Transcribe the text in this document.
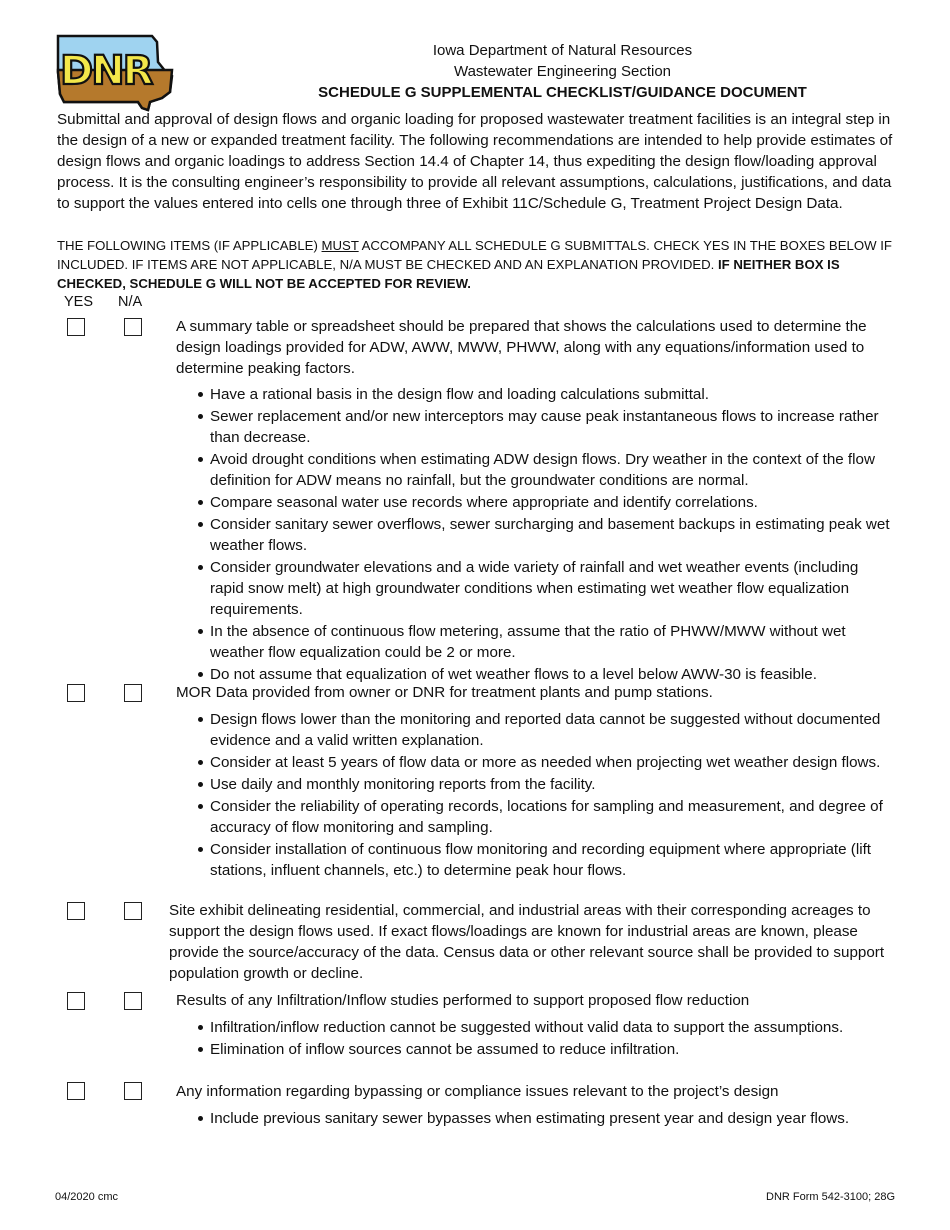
DNR	Iowa Department of Natural Resources
Wastewater Engineering Section
SCHEDULE G SUPPLEMENTAL CHECKLIST/GUIDANCE DOCUMENT
Submittal and approval of design flows and organic loading for proposed wastewater treatment facilities is an integral step in the design of a new or expanded treatment facility. The following recommendations are intended to help provide estimates of design flows and organic loadings to address Section 14.4 of Chapter 14, thus expediting the design flow/loading approval process. It is the consulting engineer’s responsibility to provide all relevant assumptions, calculations, justifications, and data to support the values entered into cells one through three of Exhibit 11C/Schedule G, Treatment Project Design Data.
THE FOLLOWING ITEMS (IF APPLICABLE) MUST ACCOMPANY ALL SCHEDULE G SUBMITTALS. CHECK YES IN THE BOXES BELOW IF INCLUDED. IF ITEMS ARE NOT APPLICABLE, N/A MUST BE CHECKED AND AN EXPLANATION PROVIDED. IF NEITHER BOX IS CHECKED, SCHEDULE G WILL NOT BE ACCEPTED FOR REVIEW.
YES N/A
A summary table or spreadsheet should be prepared that shows the calculations used to determine the design loadings provided for ADW, AWW, MWW, PHWW, along with any equations/information used to determine peaking factors.
Have a rational basis in the design flow and loading calculations submittal.
Sewer replacement and/or new interceptors may cause peak instantaneous flows to increase rather than decrease.
Avoid drought conditions when estimating ADW design flows. Dry weather in the context of the flow definition for ADW means no rainfall, but the groundwater conditions are normal.
Compare seasonal water use records where appropriate and identify correlations.
Consider sanitary sewer overflows, sewer surcharging and basement backups in estimating peak wet weather flows.
Consider groundwater elevations and a wide variety of rainfall and wet weather events (including rapid snow melt) at high groundwater conditions when estimating wet weather flow equalization requirements.
In the absence of continuous flow metering, assume that the ratio of PHWW/MWW without wet weather flow equalization could be 2 or more.
Do not assume that equalization of wet weather flows to a level below AWW-30 is feasible.
MOR Data provided from owner or DNR for treatment plants and pump stations.
Design flows lower than the monitoring and reported data cannot be suggested without documented evidence and a valid written explanation.
Consider at least 5 years of flow data or more as needed when projecting wet weather design flows.
Use daily and monthly monitoring reports from the facility.
Consider the reliability of operating records, locations for sampling and measurement, and degree of accuracy of flow monitoring and sampling.
Consider installation of continuous flow monitoring and recording equipment where appropriate (lift stations, influent channels, etc.) to determine peak hour flows.
Site exhibit delineating residential, commercial, and industrial areas with their corresponding acreages to support the design flows used. If exact flows/loadings are known for industrial areas are known, please provide the source/accuracy of the data. Census data or other relevant source shall be provided to support population growth or decline.
Results of any Infiltration/Inflow studies performed to support proposed flow reduction
Infiltration/inflow reduction cannot be suggested without valid data to support the assumptions.
Elimination of inflow sources cannot be assumed to reduce infiltration.
Any information regarding bypassing or compliance issues relevant to the project’s design
Include previous sanitary sewer bypasses when estimating present year and design year flows.
04/2020 cmc	DNR Form 542-3100; 28G
